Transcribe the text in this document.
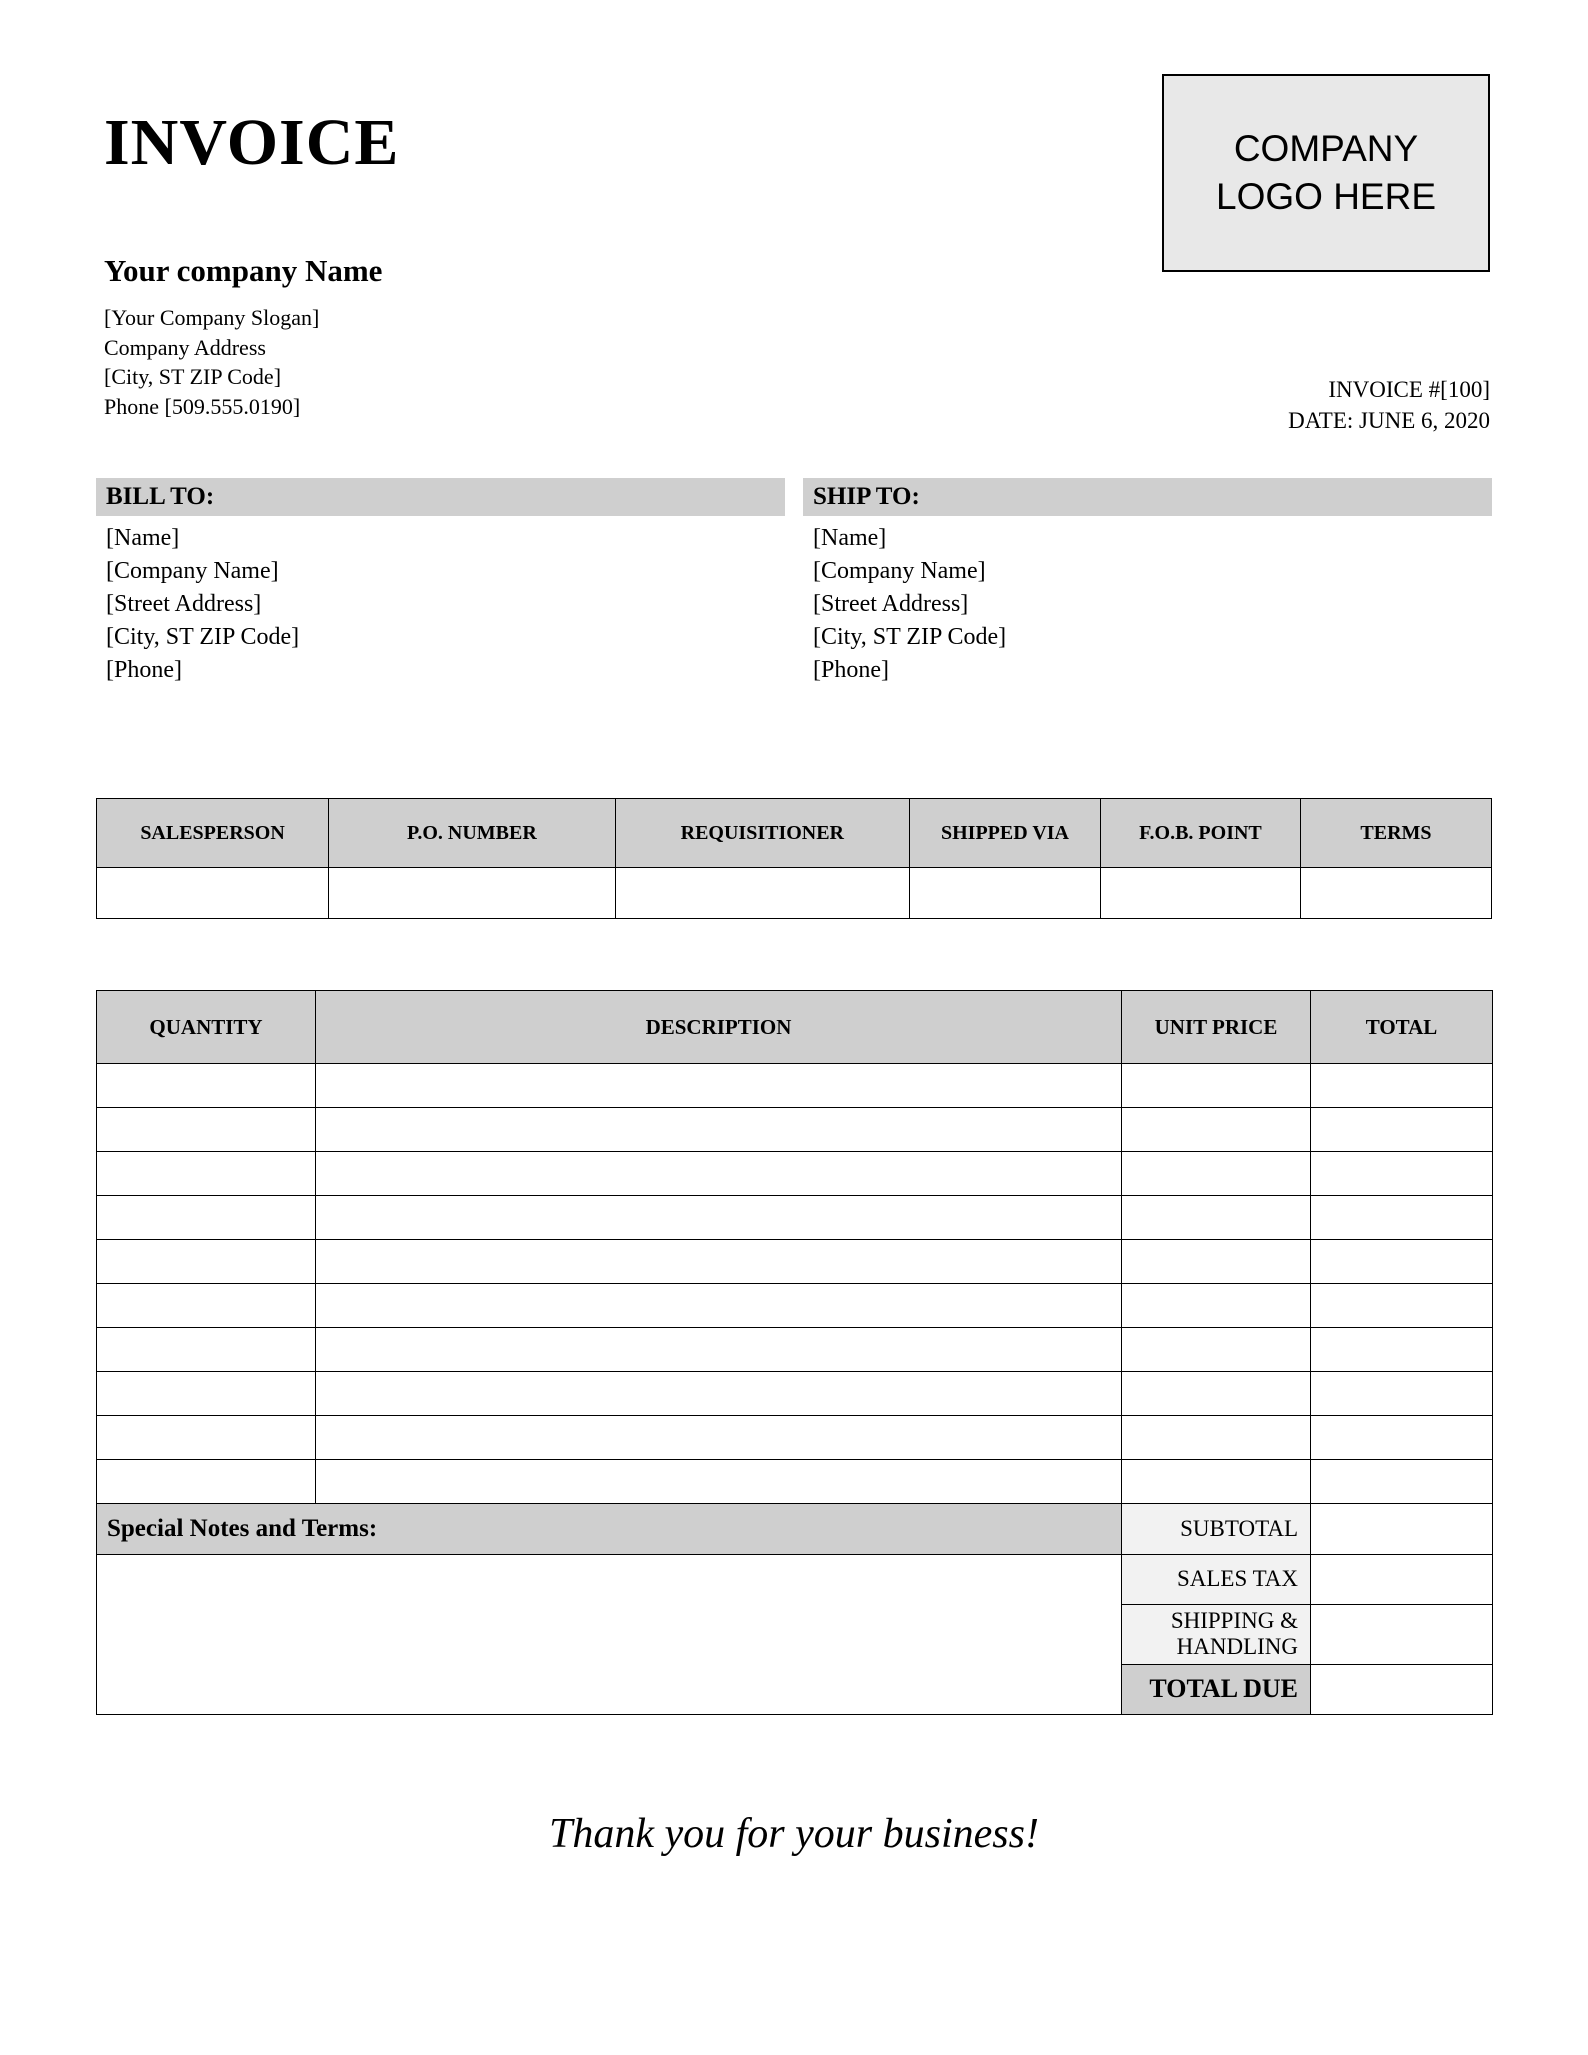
INVOICE	COMPANY
LOGO HERE
Your company Name
[Your Company Slogan]
Company Address
[City, ST ZIP Code]
Phone [509.555.0190]
INVOICE #[100]
DATE: JUNE 6, 2020
BILL TO:
[Name]
[Company Name]
[Street Address]
[City, ST ZIP Code]
[Phone]
SHIP TO:
[Name]
[Company Name]
[Street Address]
[City, ST ZIP Code]
[Phone]
SALESPERSON	P.O. NUMBER	REQUISITIONER	SHIPPED VIA	F.O.B. POINT	TERMS

QUANTITY	DESCRIPTION	UNIT PRICE	TOTAL

Special Notes and Terms:		SUBTOTAL	
		SALES TAX	
		SHIPPING & HANDLING	
		TOTAL DUE	
Thank you for your business!
